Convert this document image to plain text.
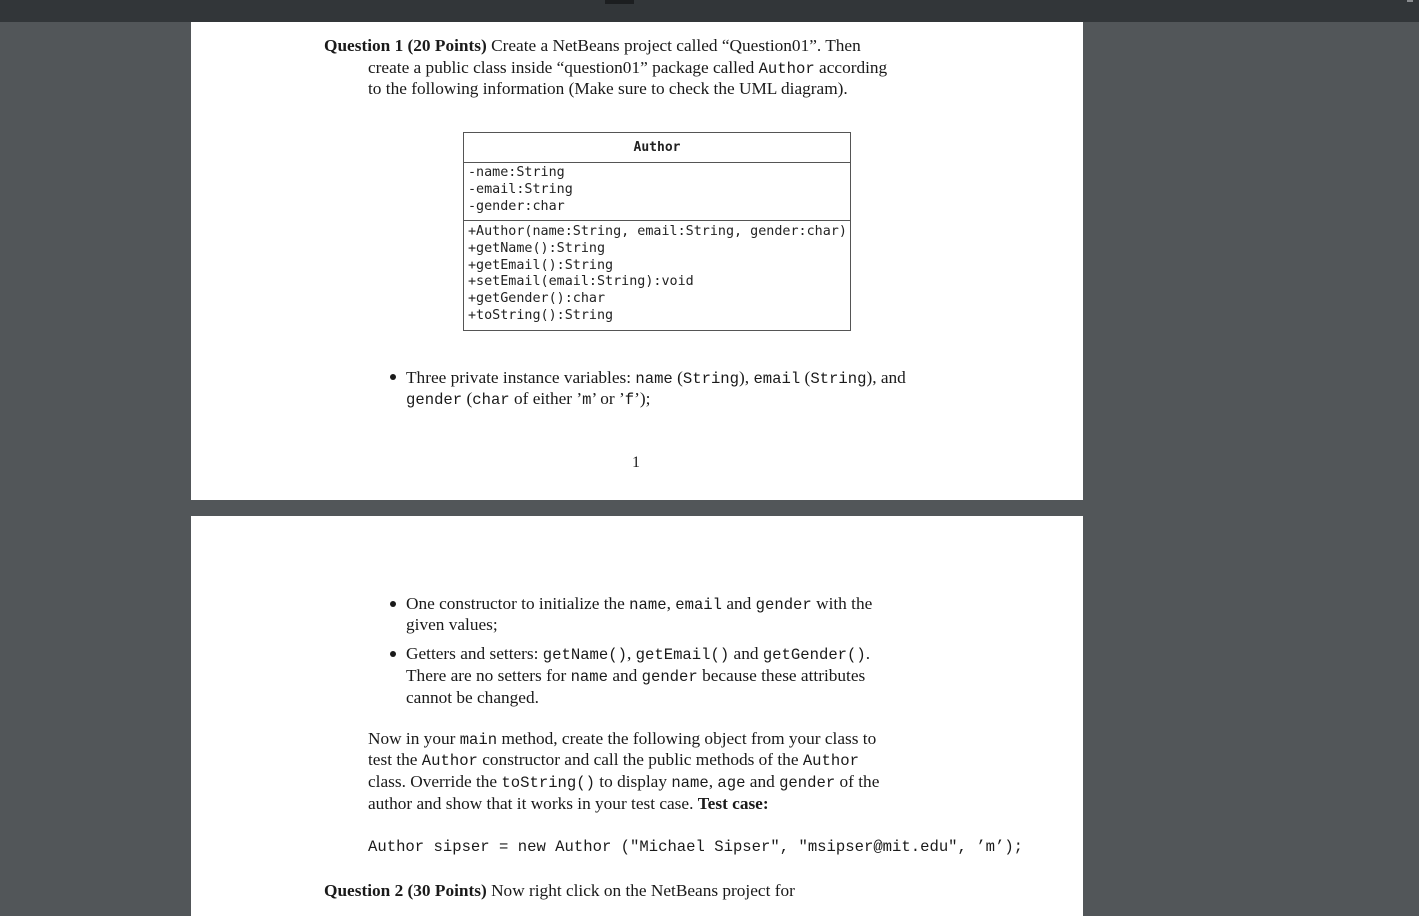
Question 1 (20 Points) Create a NetBeans project called “Question01”. Then
create a public class inside “question01” package called Author according
to the following information (Make sure to check the UML diagram).
Author
-name:String
-email:String
-gender:char
+Author(name:String, email:String, gender:char)
+getName():String
+getEmail():String
+setEmail(email:String):void
+getGender():char
+toString():String
Three private instance variables: name (String), email (String), and
gender (char of either ’m’ or ’f’);
1
One constructor to initialize the name, email and gender with the
given values;
Getters and setters: getName(), getEmail() and getGender().
There are no setters for name and gender because these attributes
cannot be changed.
Now in your main method, create the following object from your class to
test the Author constructor and call the public methods of the Author
class. Override the toString() to display name, age and gender of the
author and show that it works in your test case. Test case:
Author sipser = new Author ("Michael Sipser", "msipser@mit.edu", ’m’);
Question 2 (30 Points) Now right click on the NetBeans project for
